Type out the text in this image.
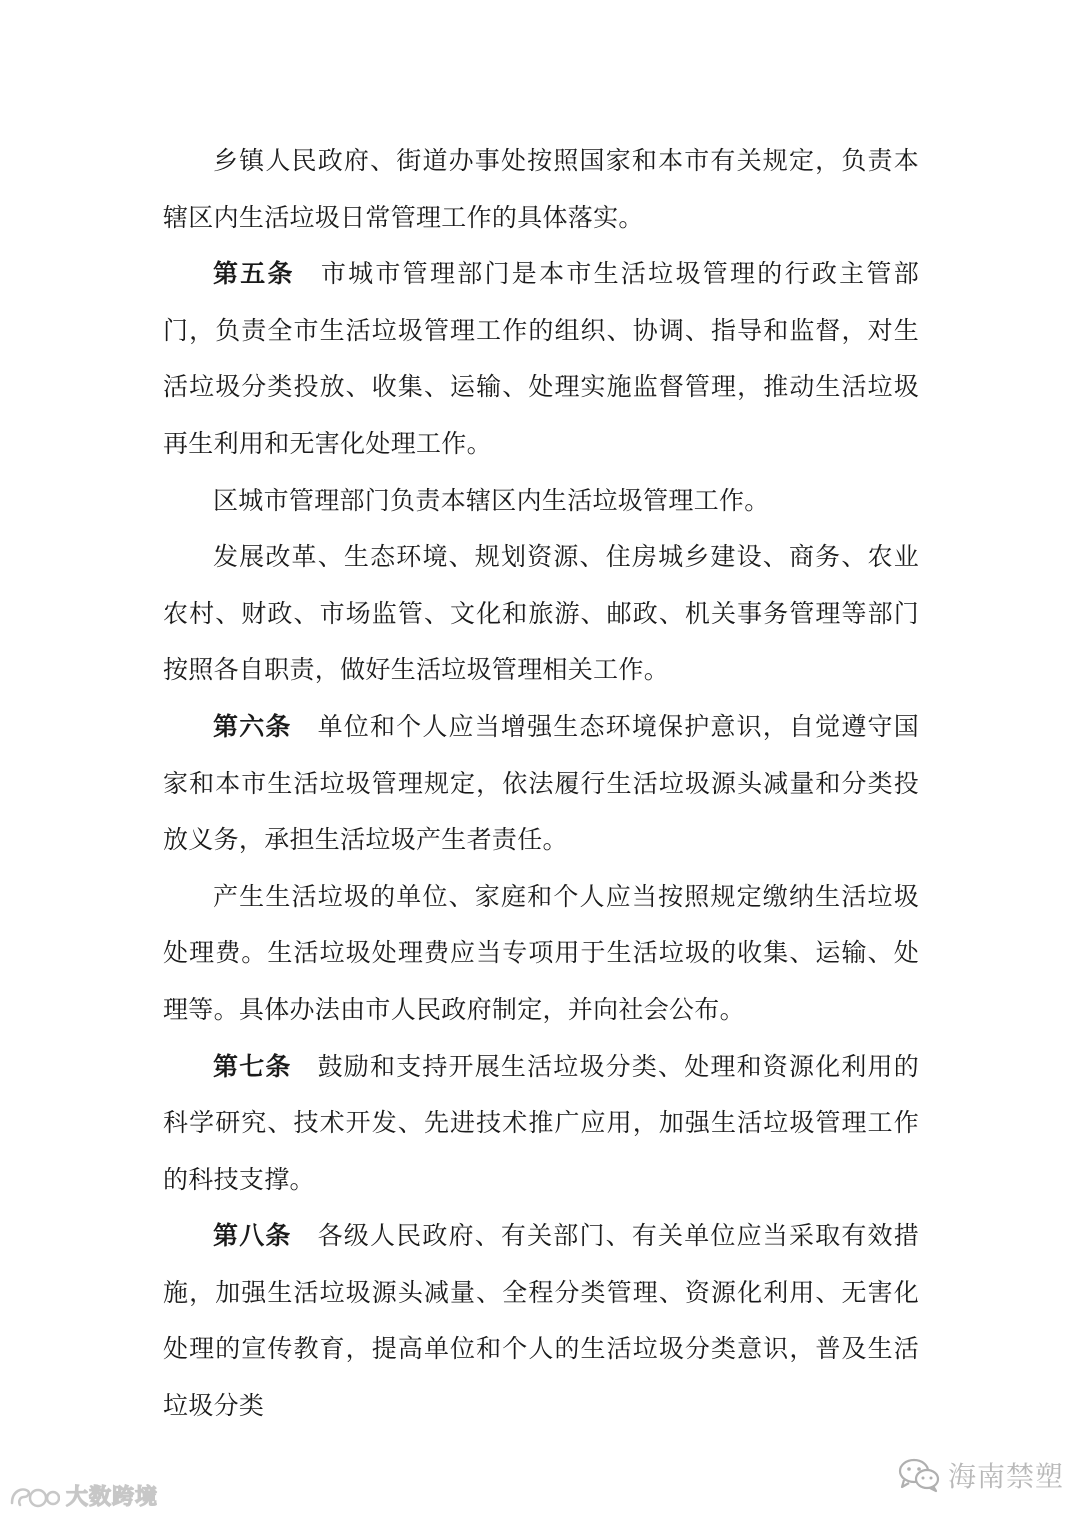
乡镇人民政府、街道办事处按照国家和本市有关规定，负责本辖区内生活垃圾日常管理工作的具体落实。

第五条 市城市管理部门是本市生活垃圾管理的行政主管部门，负责全市生活垃圾管理工作的组织、协调、指导和监督，对生活垃圾分类投放、收集、运输、处理实施监督管理，推动生活垃圾再生利用和无害化处理工作。

区城市管理部门负责本辖区内生活垃圾管理工作。

发展改革、生态环境、规划资源、住房城乡建设、商务、农业农村、财政、市场监管、文化和旅游、邮政、机关事务管理等部门按照各自职责，做好生活垃圾管理相关工作。

第六条 单位和个人应当增强生态环境保护意识，自觉遵守国家和本市生活垃圾管理规定，依法履行生活垃圾源头减量和分类投放义务，承担生活垃圾产生者责任。

产生生活垃圾的单位、家庭和个人应当按照规定缴纳生活垃圾处理费。生活垃圾处理费应当专项用于生活垃圾的收集、运输、处理等。具体办法由市人民政府制定，并向社会公布。

第七条 鼓励和支持开展生活垃圾分类、处理和资源化利用的科学研究、技术开发、先进技术推广应用，加强生活垃圾管理工作的科技支撑。

第八条 各级人民政府、有关部门、有关单位应当采取有效措施，加强生活垃圾源头减量、全程分类管理、资源化利用、无害化处理的宣传教育，提高单位和个人的生活垃圾分类意识，普及生活垃圾分类

大数跨境
海南禁塑
